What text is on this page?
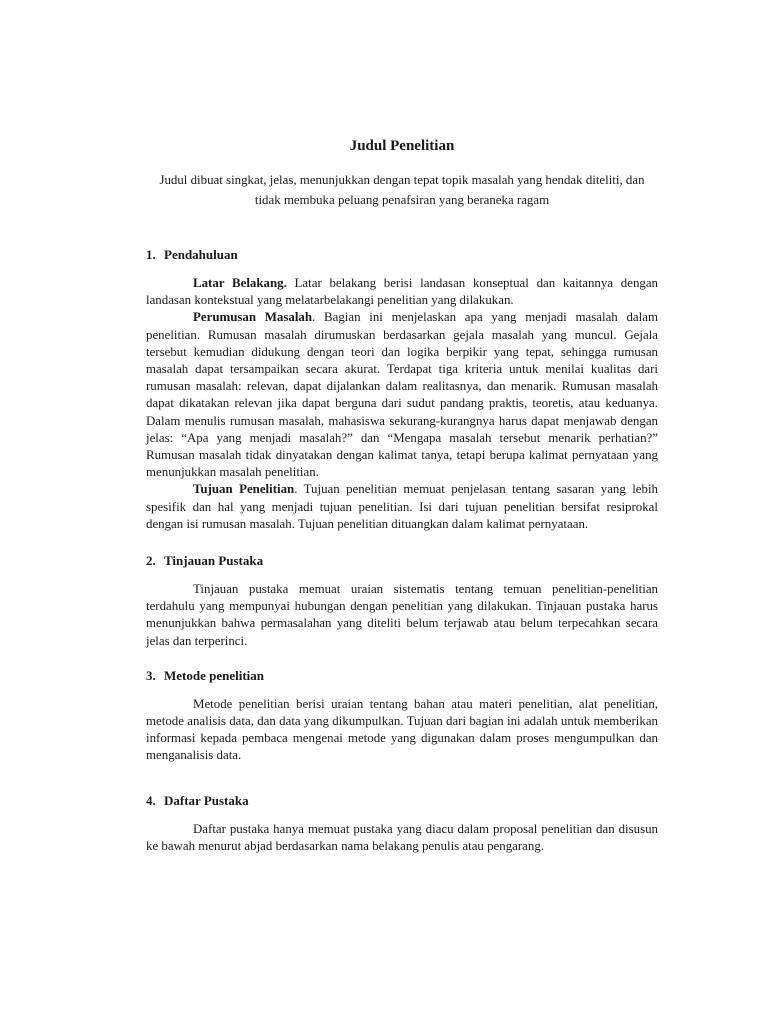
Judul Penelitian
Judul dibuat singkat, jelas, menunjukkan dengan tepat topik masalah yang hendak diteliti, dan tidak membuka peluang penafsiran yang beraneka ragam
1. Pendahuluan

Latar Belakang. Latar belakang berisi landasan konseptual dan kaitannya dengan landasan kontekstual yang melatarbelakangi penelitian yang dilakukan.

Perumusan Masalah. Bagian ini menjelaskan apa yang menjadi masalah dalam penelitian. Rumusan masalah dirumuskan berdasarkan gejala masalah yang muncul. Gejala tersebut kemudian didukung dengan teori dan logika berpikir yang tepat, sehingga rumusan masalah dapat tersampaikan secara akurat. Terdapat tiga kriteria untuk menilai kualitas dari rumusan masalah: relevan, dapat dijalankan dalam realitasnya, dan menarik. Rumusan masalah dapat dikatakan relevan jika dapat berguna dari sudut pandang praktis, teoretis, atau keduanya. Dalam menulis rumusan masalah, mahasiswa sekurang-kurangnya harus dapat menjawab dengan jelas: “Apa yang menjadi masalah?” dan “Mengapa masalah tersebut menarik perhatian?” Rumusan masalah tidak dinyatakan dengan kalimat tanya, tetapi berupa kalimat pernyataan yang menunjukkan masalah penelitian.

Tujuan Penelitian. Tujuan penelitian memuat penjelasan tentang sasaran yang lebih spesifik dan hal yang menjadi tujuan penelitian. Isi dari tujuan penelitian bersifat resiprokal dengan isi rumusan masalah. Tujuan penelitian dituangkan dalam kalimat pernyataan.

2. Tinjauan Pustaka

Tinjauan pustaka memuat uraian sistematis tentang temuan penelitian-penelitian terdahulu yang mempunyai hubungan dengan penelitian yang dilakukan. Tinjauan pustaka harus menunjukkan bahwa permasalahan yang diteliti belum terjawab atau belum terpecahkan secara jelas dan terperinci.

3. Metode penelitian

Metode penelitian berisi uraian tentang bahan atau materi penelitian, alat penelitian, metode analisis data, dan data yang dikumpulkan. Tujuan dari bagian ini adalah untuk memberikan informasi kepada pembaca mengenai metode yang digunakan dalam proses mengumpulkan dan menganalisis data.

4. Daftar Pustaka

Daftar pustaka hanya memuat pustaka yang diacu dalam proposal penelitian dan disusun ke bawah menurut abjad berdasarkan nama belakang penulis atau pengarang.
